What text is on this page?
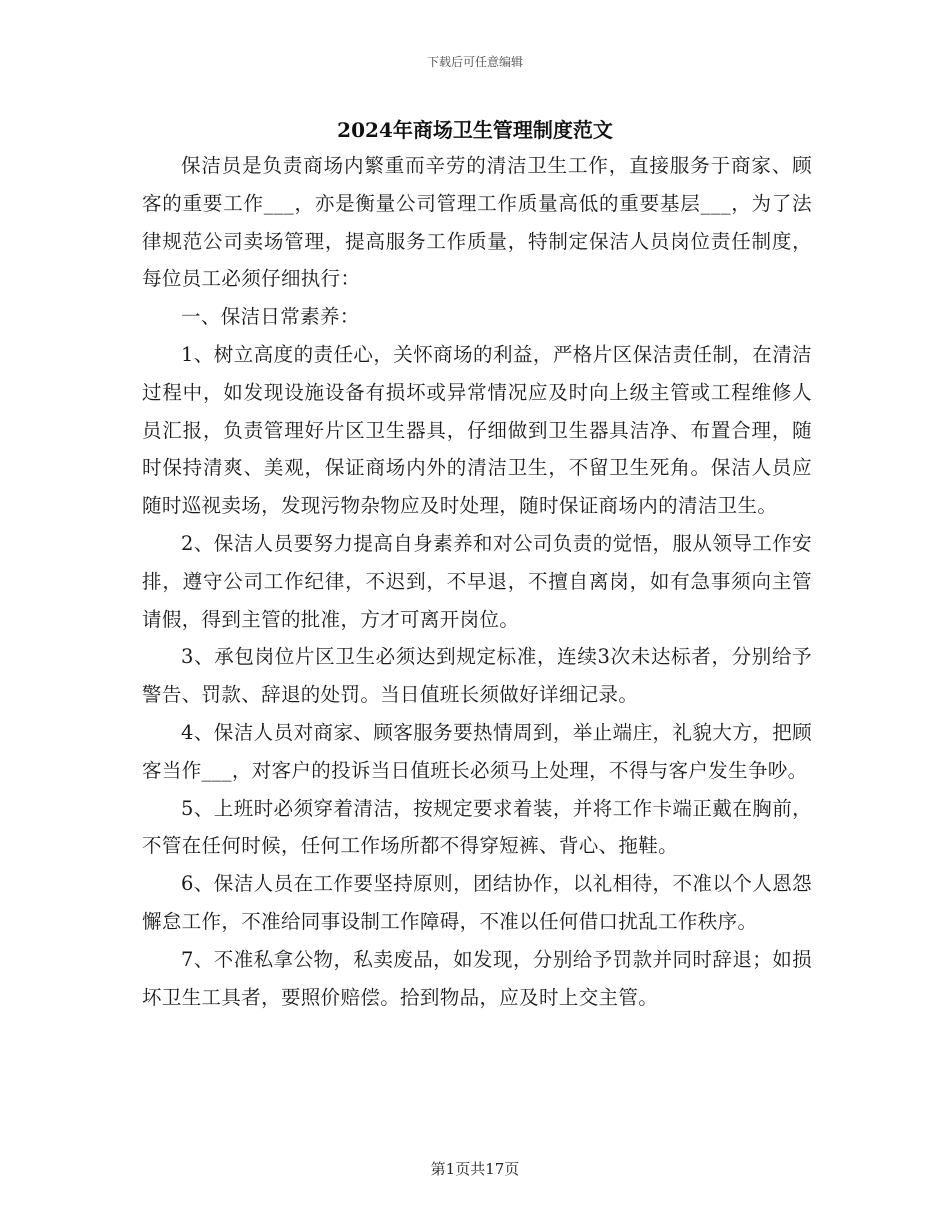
下载后可任意编辑
2024年商场卫生管理制度范文

保洁员是负责商场内繁重而辛劳的清洁卫生工作，直接服务于商家、顾客的重要工作___，亦是衡量公司管理工作质量高低的重要基层___，为了法律规范公司卖场管理，提高服务工作质量，特制定保洁人员岗位责任制度，每位员工必须仔细执行：

一、保洁日常素养：

1、树立高度的责任心，关怀商场的利益，严格片区保洁责任制，在清洁过程中，如发现设施设备有损坏或异常情况应及时向上级主管或工程维修人员汇报，负责管理好片区卫生器具，仔细做到卫生器具洁净、布置合理，随时保持清爽、美观，保证商场内外的清洁卫生，不留卫生死角。保洁人员应随时巡视卖场，发现污物杂物应及时处理，随时保证商场内的清洁卫生。

2、保洁人员要努力提高自身素养和对公司负责的觉悟，服从领导工作安排，遵守公司工作纪律，不迟到，不早退，不擅自离岗，如有急事须向主管请假，得到主管的批准，方才可离开岗位。

3、承包岗位片区卫生必须达到规定标准，连续3次未达标者，分别给予警告、罚款、辞退的处罚。当日值班长须做好详细记录。

4、保洁人员对商家、顾客服务要热情周到，举止端庄，礼貌大方，把顾客当作___，对客户的投诉当日值班长必须马上处理，不得与客户发生争吵。

5、上班时必须穿着清洁，按规定要求着装，并将工作卡端正戴在胸前，不管在任何时候，任何工作场所都不得穿短裤、背心、拖鞋。

6、保洁人员在工作要坚持原则，团结协作，以礼相待，不准以个人恩怨懈怠工作，不准给同事设制工作障碍，不准以任何借口扰乱工作秩序。

7、不准私拿公物，私卖废品，如发现，分别给予罚款并同时辞退；如损坏卫生工具者，要照价赔偿。拾到物品，应及时上交主管。

第1页共17页
